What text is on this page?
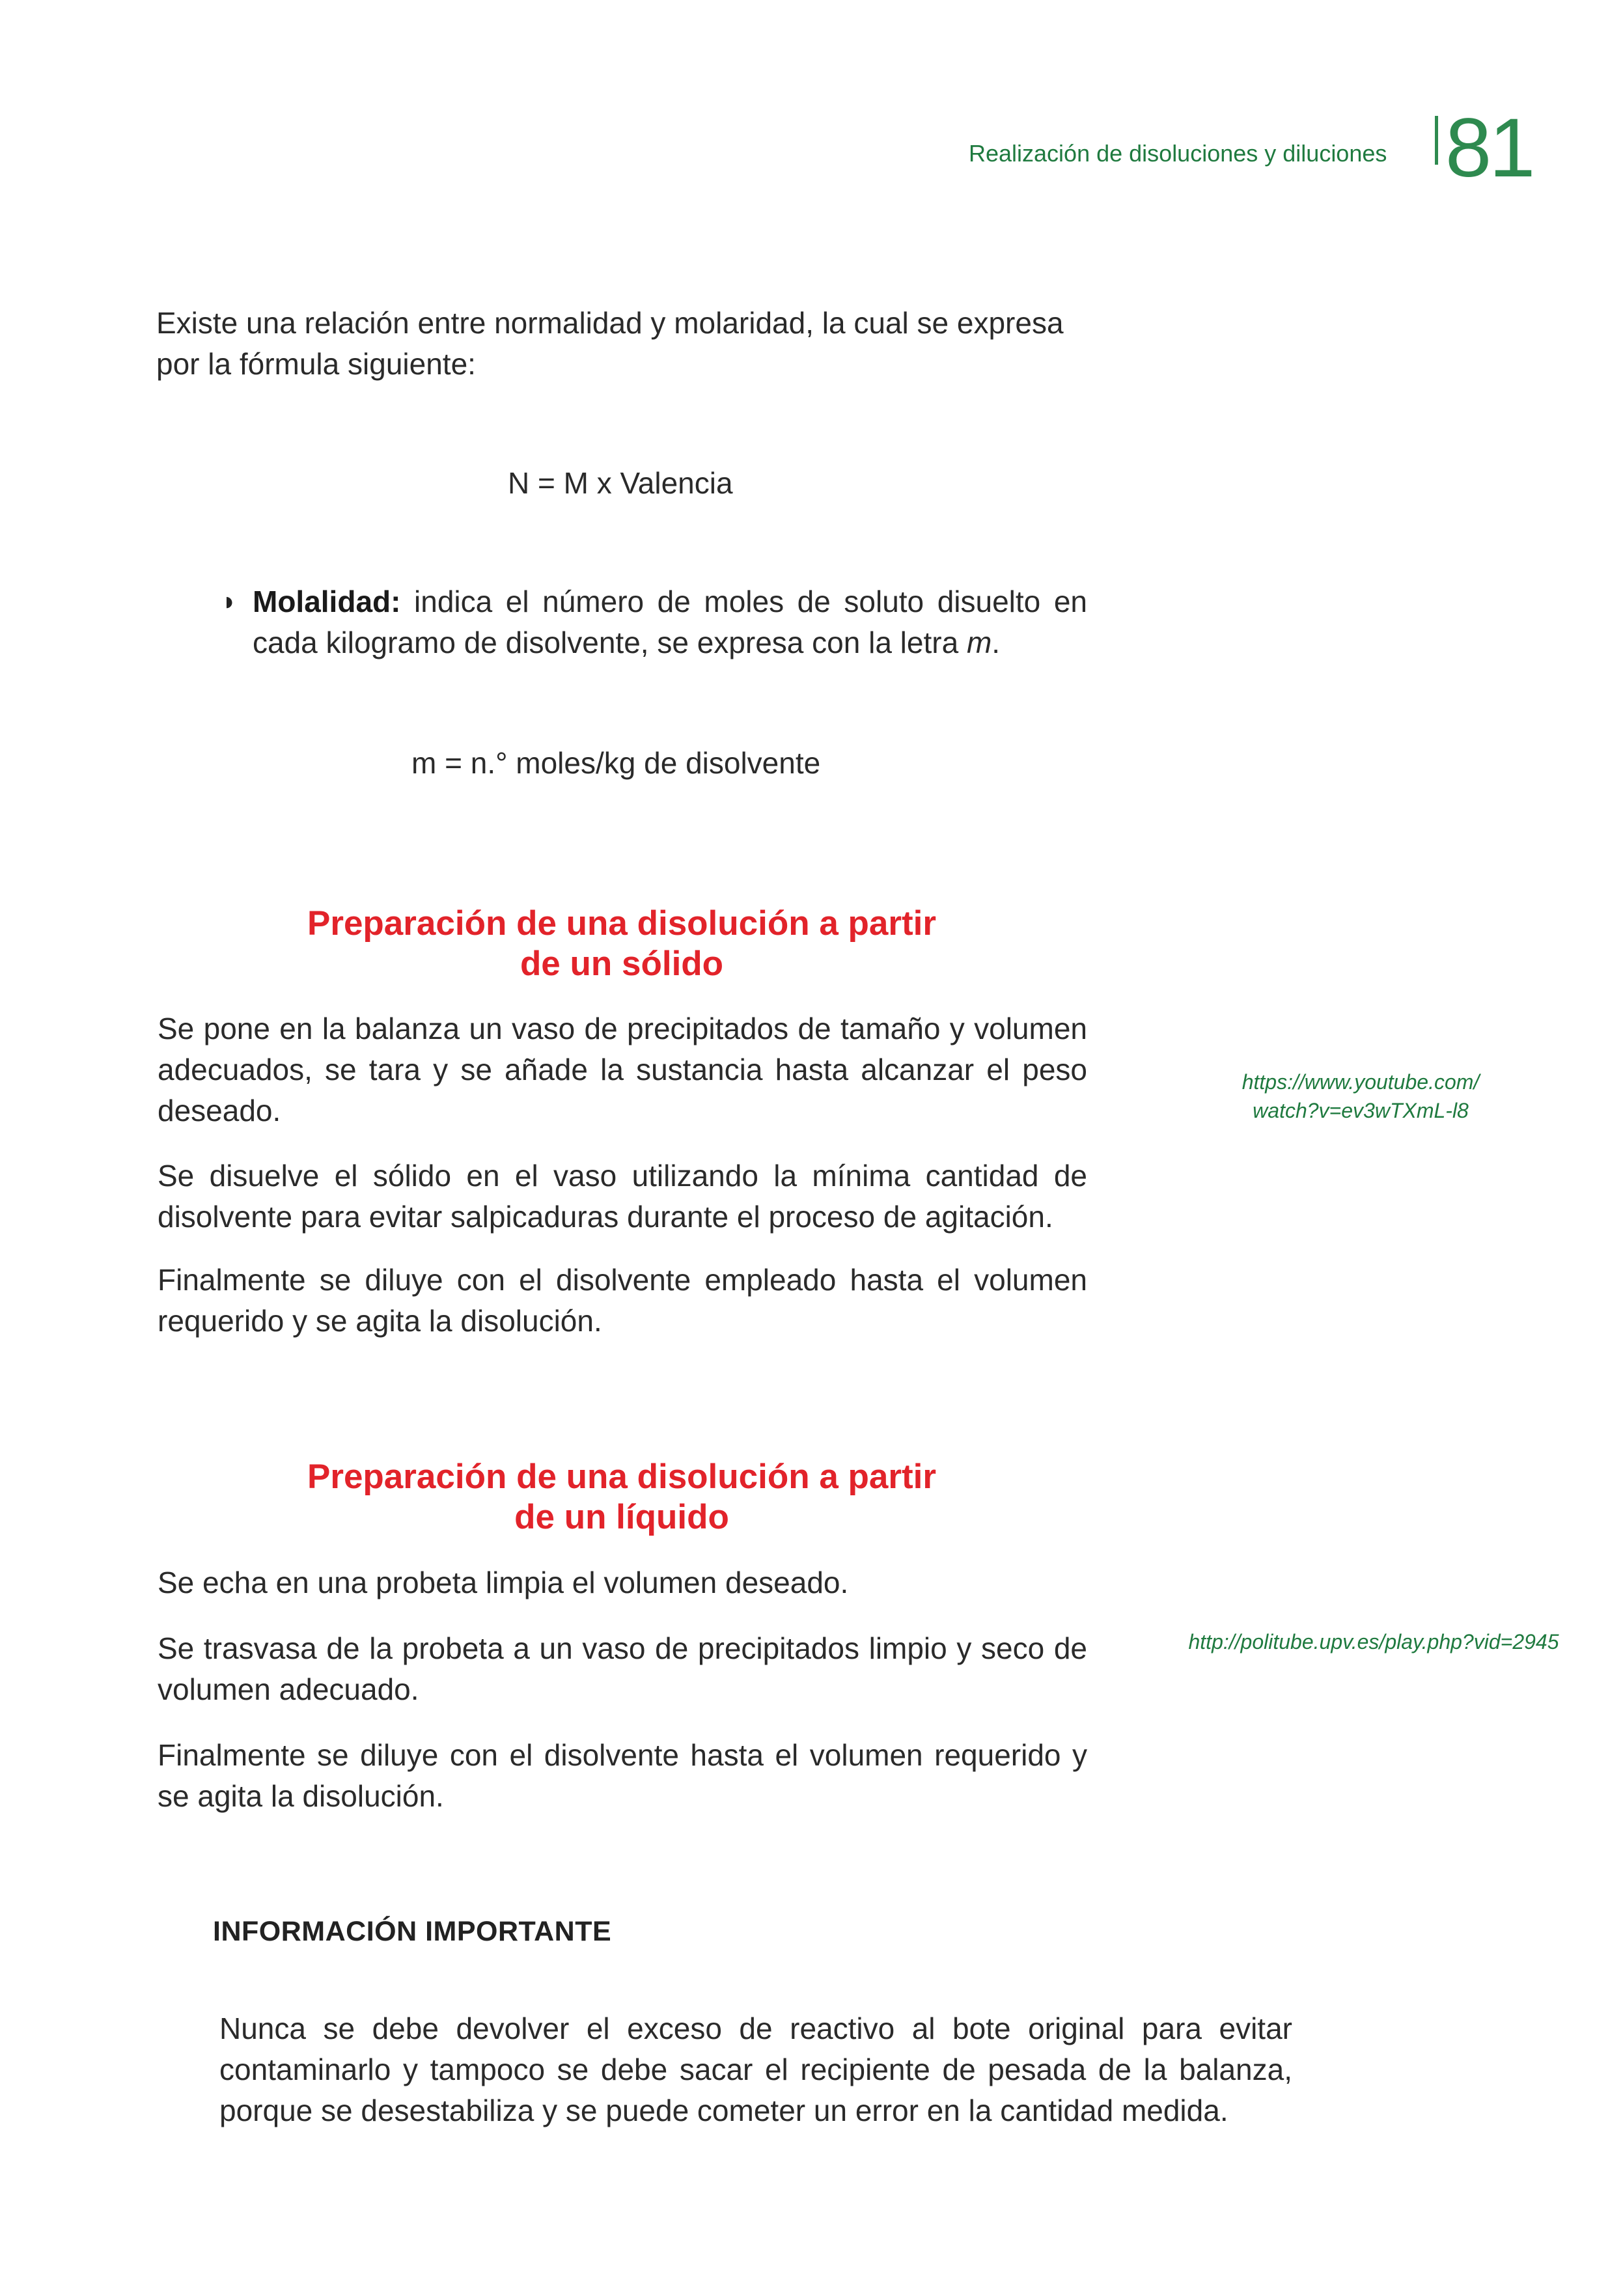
Realización de disoluciones y diluciones 81

Existe una relación entre normalidad y molaridad, la cual se expresa por la fórmula siguiente:

N = M x Valencia
◗ Molalidad: indica el número de moles de soluto disuelto en cada kilogramo de disolvente, se expresa con la letra m.

m = n.° moles/kg de disolvente
Preparación de una disolución a partir
de un sólido

Se pone en la balanza un vaso de precipitados de tamaño y volumen adecuados, se tara y se añade la sustancia hasta alcanzar el peso deseado.

Se disuelve el sólido en el vaso utilizando la mínima cantidad de disolvente para evitar salpicaduras durante el proceso de agitación.

Finalmente se diluye con el disolvente empleado hasta el volumen requerido y se agita la disolución.

https://www.youtube.com/
watch?v=ev3wTXmL-l8
Preparación de una disolución a partir
de un líquido

Se echa en una probeta limpia el volumen deseado.

Se trasvasa de la probeta a un vaso de precipitados limpio y seco de volumen adecuado.

Finalmente se diluye con el disolvente hasta el volumen requerido y se agita la disolución.

http://politube.upv.es/play.php?vid=2945
INFORMACIÓN IMPORTANTE

Nunca se debe devolver el exceso de reactivo al bote original para evitar contaminarlo y tampoco se debe sacar el recipiente de pesada de la balanza, porque se desestabiliza y se puede cometer un error en la cantidad medida.
